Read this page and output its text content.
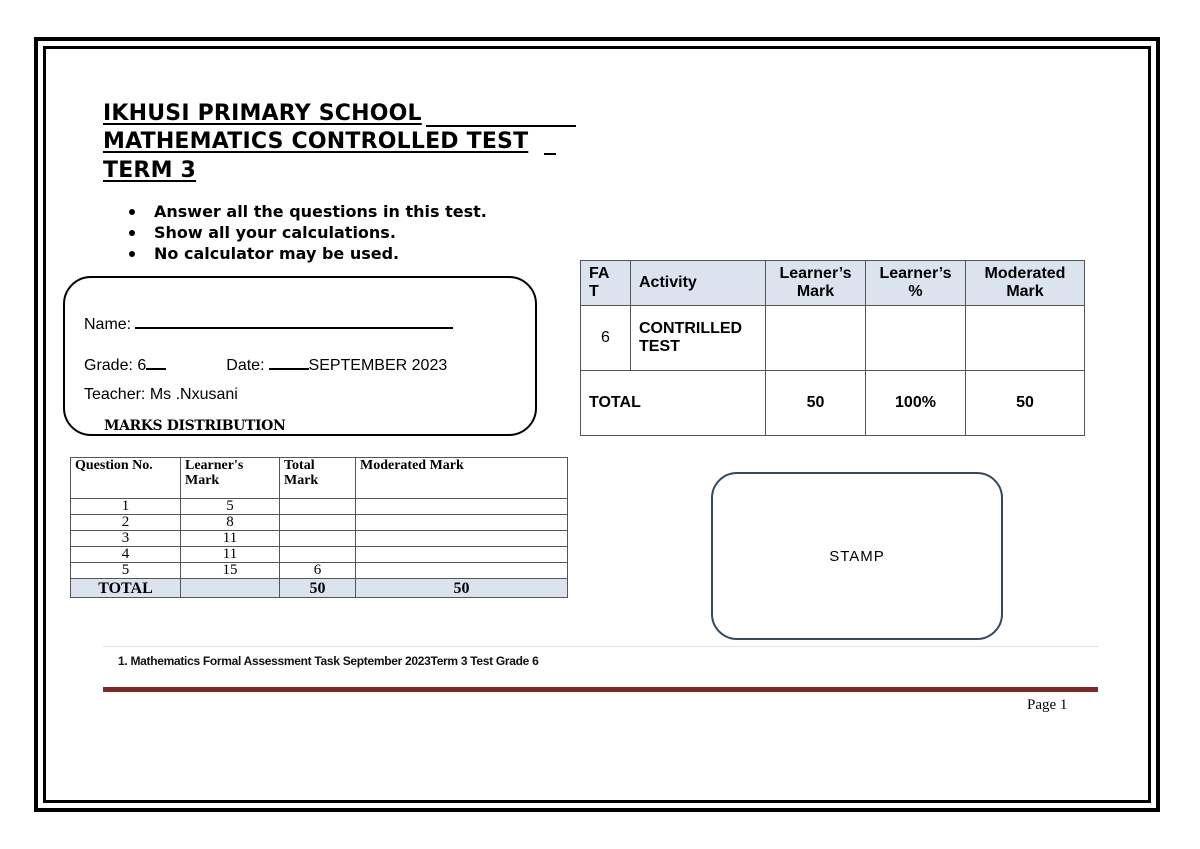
IKHUSI PRIMARY SCHOOL
MATHEMATICS CONTROLLED TEST
TERM 3
Answer all the questions in this test.
Show all your calculations.
No calculator may be used.
Name:
Grade: 6	Date:	SEPTEMBER 2023
Teacher: Ms .Nxusani
MARKS DISTRIBUTION
Question No.	Learner's Mark	Total Mark	Moderated Mark
1	5		
2	8		
3	11		
4	11		
5	15	6	
TOTAL		50	50
FA T	Activity	Learner’s Mark	Learner’s %	Moderated Mark
6	CONTRILLED TEST			
TOTAL		50	100%	50
STAMP
1. Mathematics Formal Assessment Task September 2023Term 3 Test Grade 6
Page 1
